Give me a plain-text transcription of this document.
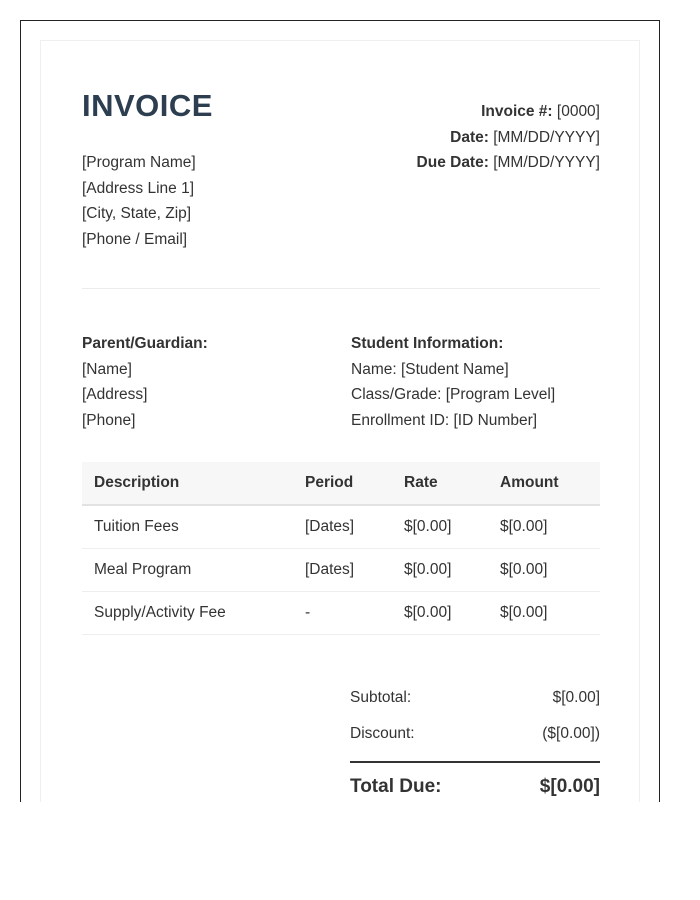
INVOICE
[Program Name]
[Address Line 1]
[City, State, Zip]
[Phone / Email]
Invoice #: [0000]
Date: [MM/DD/YYYY]
Due Date: [MM/DD/YYYY]
Parent/Guardian:
[Name]
[Address]
[Phone]
Student Information:
Name: [Student Name]
Class/Grade: [Program Level]
Enrollment ID: [ID Number]
Description	Period	Rate	Amount
Tuition Fees	[Dates]	$[0.00]	$[0.00]
Meal Program	[Dates]	$[0.00]	$[0.00]
Supply/Activity Fee	-	$[0.00]	$[0.00]
Subtotal:	$[0.00]
Discount:	($[0.00])
Total Due:	$[0.00]
